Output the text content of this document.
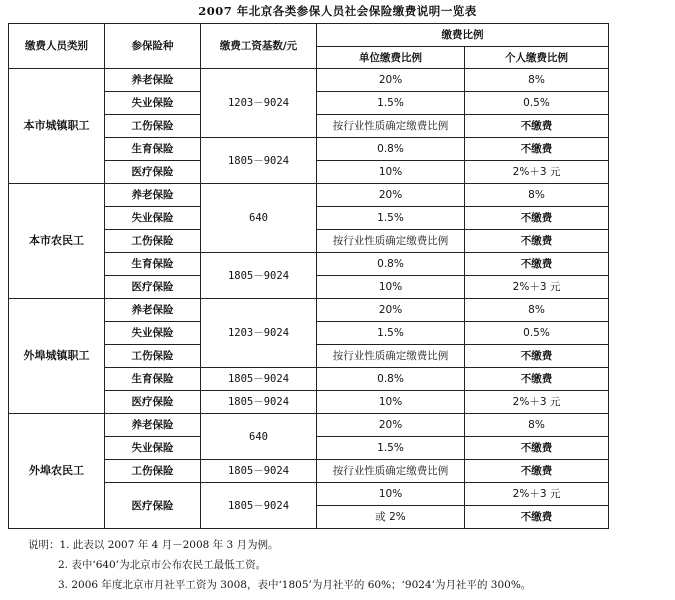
2007 年北京各类参保人员社会保险缴费说明一览表
缴费人员类别	参保险种	缴费工资基数/元	缴费比例	
			单位缴费比例	个人缴费比例
本市城镇职工	养老保险	1203－9024	20%	8%
	失业保险		1.5%	0.5%
	工伤保险		按行业性质确定缴费比例	不缴费
	生育保险	1805－9024	0.8%	不缴费
	医疗保险		10%	2%＋3 元
本市农民工	养老保险	640	20%	8%
	失业保险		1.5%	不缴费
	工伤保险		按行业性质确定缴费比例	不缴费
	生育保险	1805－9024	0.8%	不缴费
	医疗保险		10%	2%＋3 元
外埠城镇职工	养老保险	1203－9024	20%	8%
	失业保险		1.5%	0.5%
	工伤保险		按行业性质确定缴费比例	不缴费
	生育保险	1805－9024	0.8%	不缴费
	医疗保险	1805－9024	10%	2%＋3 元
外埠农民工	养老保险	640	20%	8%
	失业保险		1.5%	不缴费
	工伤保险	1805－9024	按行业性质确定缴费比例	不缴费
	医疗保险	1805－9024	10%	2%＋3 元
			或 2%	不缴费
说明：1. 此表以 2007 年 4 月－2008 年 3 月为例。
2. 表中‘640’为北京市公布农民工最低工资。
3. 2006 年度北京市月社平工资为 3008，表中‘1805’为月社平的 60%；‘9024’为月社平的 300%。
